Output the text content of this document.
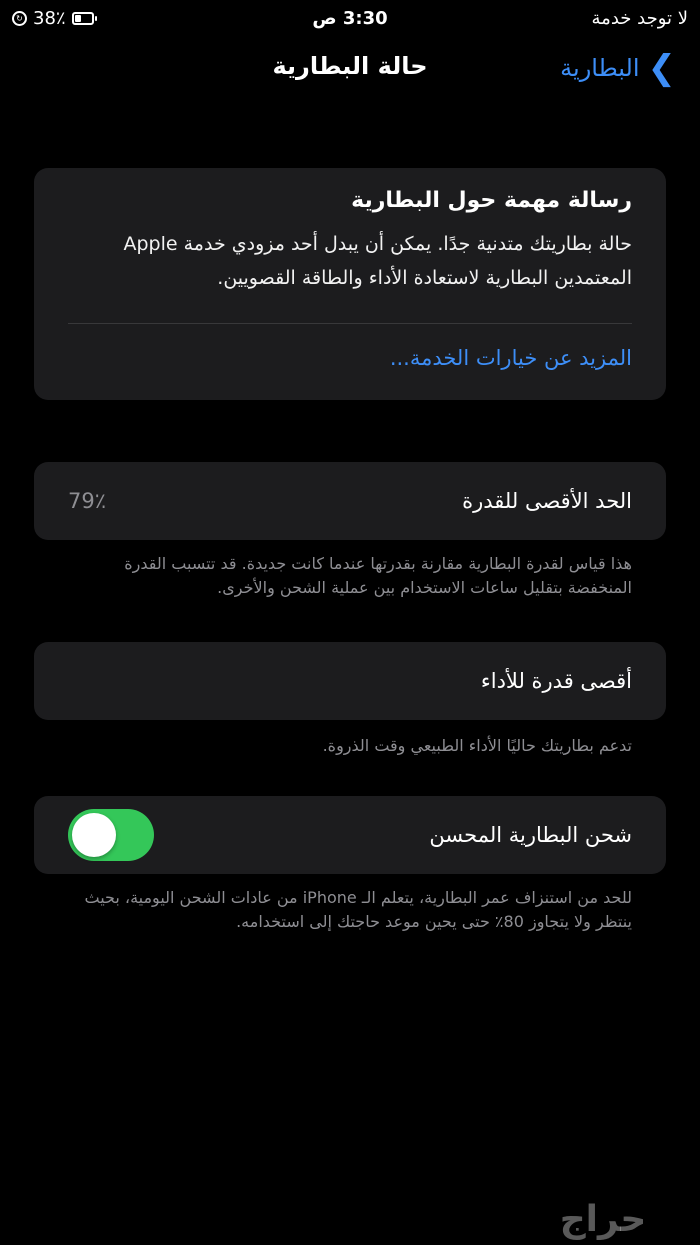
لا توجد خدمة
3:30 ص
↻ 38٪
حالة البطارية	❯
البطارية
رسالة مهمة حول البطارية
حالة بطاريتك متدنية جدًا. يمكن أن يبدل أحد مزودي خدمة Apple المعتمدين البطارية لاستعادة الأداء والطاقة القصويين.
المزيد عن خيارات الخدمة...
الحد الأقصى للقدرة
79٪
هذا قياس لقدرة البطارية مقارنة بقدرتها عندما كانت جديدة. قد تتسبب القدرة المنخفضة بتقليل ساعات الاستخدام بين عملية الشحن والأخرى.
أقصى قدرة للأداء
تدعم بطاريتك حاليًا الأداء الطبيعي وقت الذروة.
شحن البطارية المحسن
للحد من استنزاف عمر البطارية، يتعلم الـ iPhone من عادات الشحن اليومية، بحيث ينتظر ولا يتجاوز 80٪ حتى يحين موعد حاجتك إلى استخدامه.
حراج
